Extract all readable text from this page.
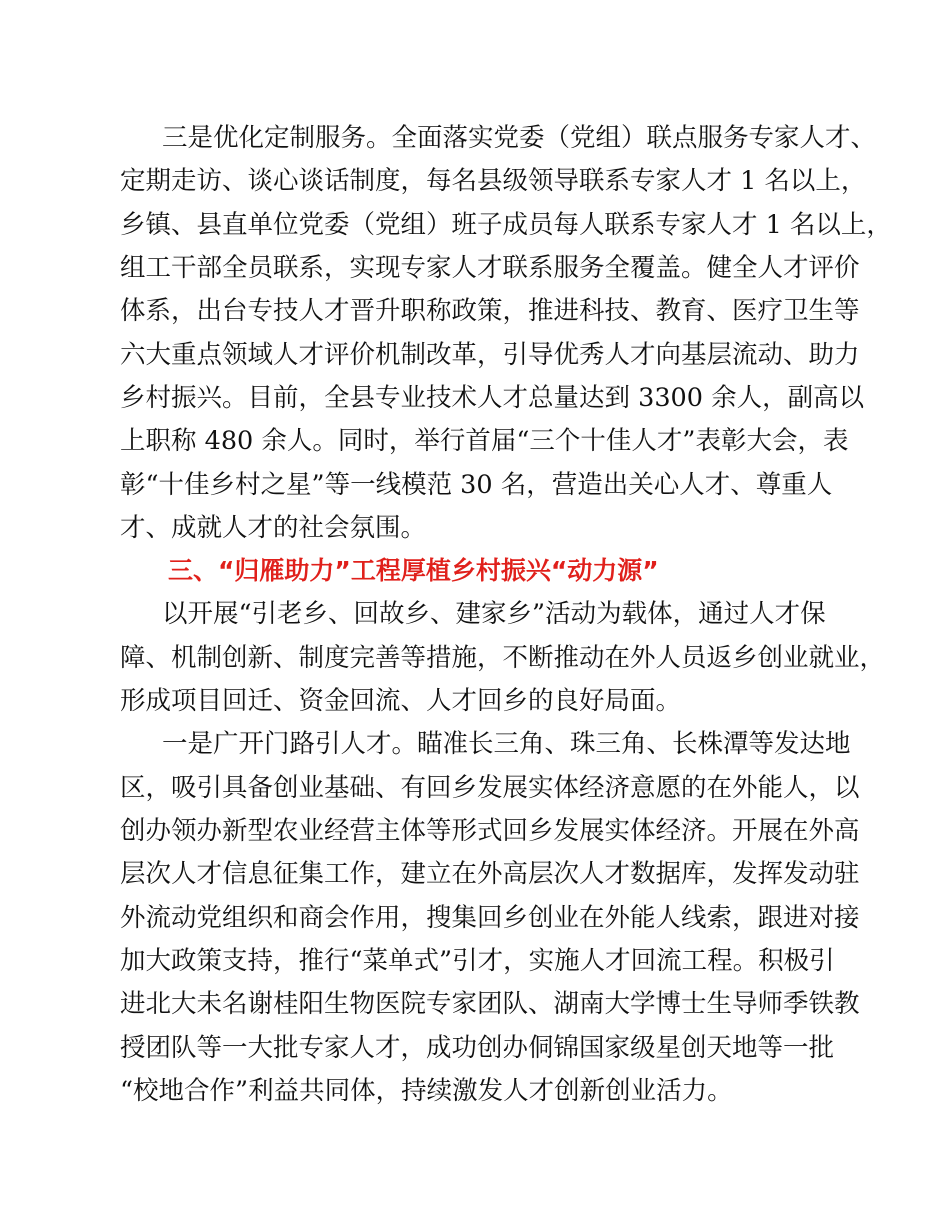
三是优化定制服务。全面落实党委（党组）联点服务专家人才、
定期走访、谈心谈话制度，每名县级领导联系专家人才 1 名以上，
乡镇、县直单位党委（党组）班子成员每人联系专家人才 1 名以上，
组工干部全员联系，实现专家人才联系服务全覆盖。健全人才评价
体系，出台专技人才晋升职称政策，推进科技、教育、医疗卫生等
六大重点领域人才评价机制改革，引导优秀人才向基层流动、助力
乡村振兴。目前，全县专业技术人才总量达到 3300 余人，副高以
上职称 480 余人。同时，举行首届“三个十佳人才”表彰大会，表
彰“十佳乡村之星”等一线模范 30 名，营造出关心人才、尊重人
才、成就人才的社会氛围。
三、“归雁助力”工程厚植乡村振兴“动力源”
以开展“引老乡、回故乡、建家乡”活动为载体，通过人才保
障、机制创新、制度完善等措施，不断推动在外人员返乡创业就业，
形成项目回迁、资金回流、人才回乡的良好局面。
一是广开门路引人才。瞄准长三角、珠三角、长株潭等发达地
区，吸引具备创业基础、有回乡发展实体经济意愿的在外能人，以
创办领办新型农业经营主体等形式回乡发展实体经济。开展在外高
层次人才信息征集工作，建立在外高层次人才数据库，发挥发动驻
外流动党组织和商会作用，搜集回乡创业在外能人线索，跟进对接
加大政策支持，推行“菜单式”引才，实施人才回流工程。积极引
进北大未名谢桂阳生物医院专家团队、湖南大学博士生导师季铁教
授团队等一大批专家人才，成功创办侗锦国家级星创天地等一批
“校地合作”利益共同体，持续激发人才创新创业活力。
